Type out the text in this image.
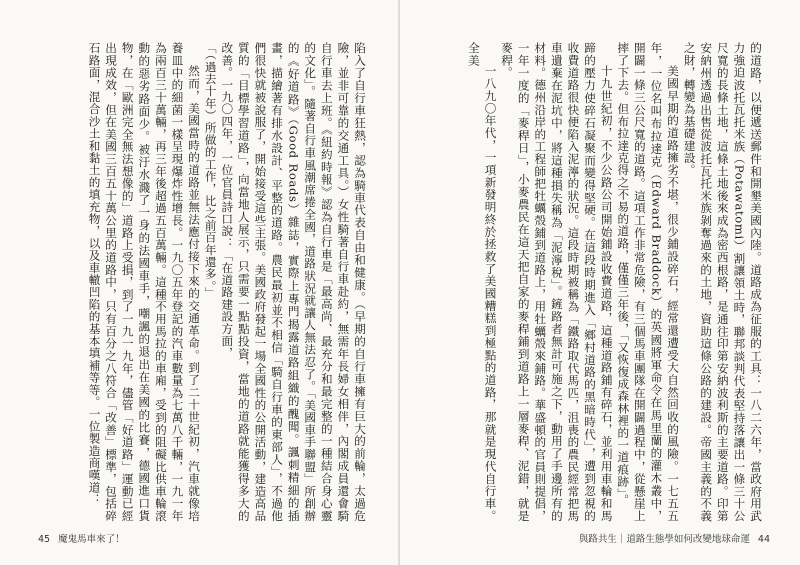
陷入了自行車狂熱，認為騎車代表自由和健康。（早期的自行車擁有巨大的前輪，太過危險，並非可靠的交通工具。）女性騎著自行車赴約，無需年長婦女相伴，內閣成員還會騎自行車去上班。《紐約時報》認為自行車是「最高尚、最充分和最完整的一種結合身心靈的文化」。隨著自行車風潮席捲全國，道路狀況就讓人無法忍了。「美國車手聯盟」所創辦的《好道路》（Good Roads）雜誌，實際上專門揭露道路組織的醜聞。諷刺精細的插畫，描繪著有排水設計、平整的道路。農民最初並不相信「騎自行車的東部人」，不過他們很快就被說服了，開始接受這些主張。美國政府發起一場全國性的公開活動，建造高品質的「目標學習道路」，向當地人展示，只需要一點點投資，當地的道路就能獲得多大的改善。一九〇四年，一位官員詩口說：「在道路建設方面，

「（過去十年）所做的工作，比之前百年還多。」

然而，美國當時的道路並無法應付接下來的交通革命。到了二十世紀初，汽車就像培養皿中的細菌一樣呈現爆炸性增長。一九〇五年登記的汽車數量為七萬八千輛，一九一年為兩百三十萬輛，再三年後超過五百萬輛。這種不用馬拉的車廂，受到的阻礙比供車輪滾動的惡劣路面少。被汙水濺了一身的法國車手，嘲諷的退出在美國的比賽，德國進口貨物，在「歐洲完全無法想像的」道路上受損，到了一九一九年，儘管「好道路」運動已經出現成效，但在美國三百五十萬公里的道路中，只有百分之八符合「改善」標準，包括碎石路面，混合沙土和黏土的填充物，以及車轍凹陷的基本填補等等。一位製造商嘆道：

45 魔鬼馬車來了！

的道路，以便遞送郵件和開墾美國內陸。道路成為征服的工具：一八二六年，當政府用武力強迫波托瓦托米族（Potawatomi）割讓領土時，聯邦談判代表堅持落讓出一條三十公尺寬的長條土地，這條土地後來成為密西根路，是通往印第安納波利斯的主要道路。印第安納州透過出售從波托瓦托米族剝奪過來的土地，資助這條公路的建設。帝國主義的不義之財，轉變為基礎建設。

美國早期的道路擁劣不堪，很少鋪設碎石，經常還遭受大自然回收的風險。一七五五年，一位名叫布拉達克（Edward Braddock）的英國將軍命令在馬里蘭的灌木叢中，開闢一條三公尺寬的道路。這項工作非常危險，有三個馬車團隊在開闢過程中，從懸崖上摔了下去。但布拉達克得之不易的道路，僅僅三年後，「又恢復成森林裡的一道痕跡」。

十九世紀初，不少公路公司開始鋪設收費道路，這種道路鋪有碎石，並利用車輪和馬蹄的壓力使碎石凝聚而變得堅硬。在這段時期進入「鄉村道路的黑暗時代」，遭到忽視的收費道路很快便陷入泥濘的狀況。這段時期被稱為「鐵路取代馬匹，沮喪的農民經常把馬車遺棄在泥坑中，將這種損失稱為「泥濘稅」。鏟路者無計可施之下，動用了手邊所有的材料。德州沿岸的工程師把牡蠣殼鋪到道路上，用牡蠣殼來鋪路。華盛頓的官員則提倡，一年一度的「麥稈日」，小麥農民在這天把自家的麥稈鋪到道路上一層麥稈、泥錯，就是麥稈。

一八九〇年代，一項新發明終於拯救了美國糟糕到極點的道路，那就是現代自行車。全美

與路共生｜道路生態學如何改變地球命運 44
